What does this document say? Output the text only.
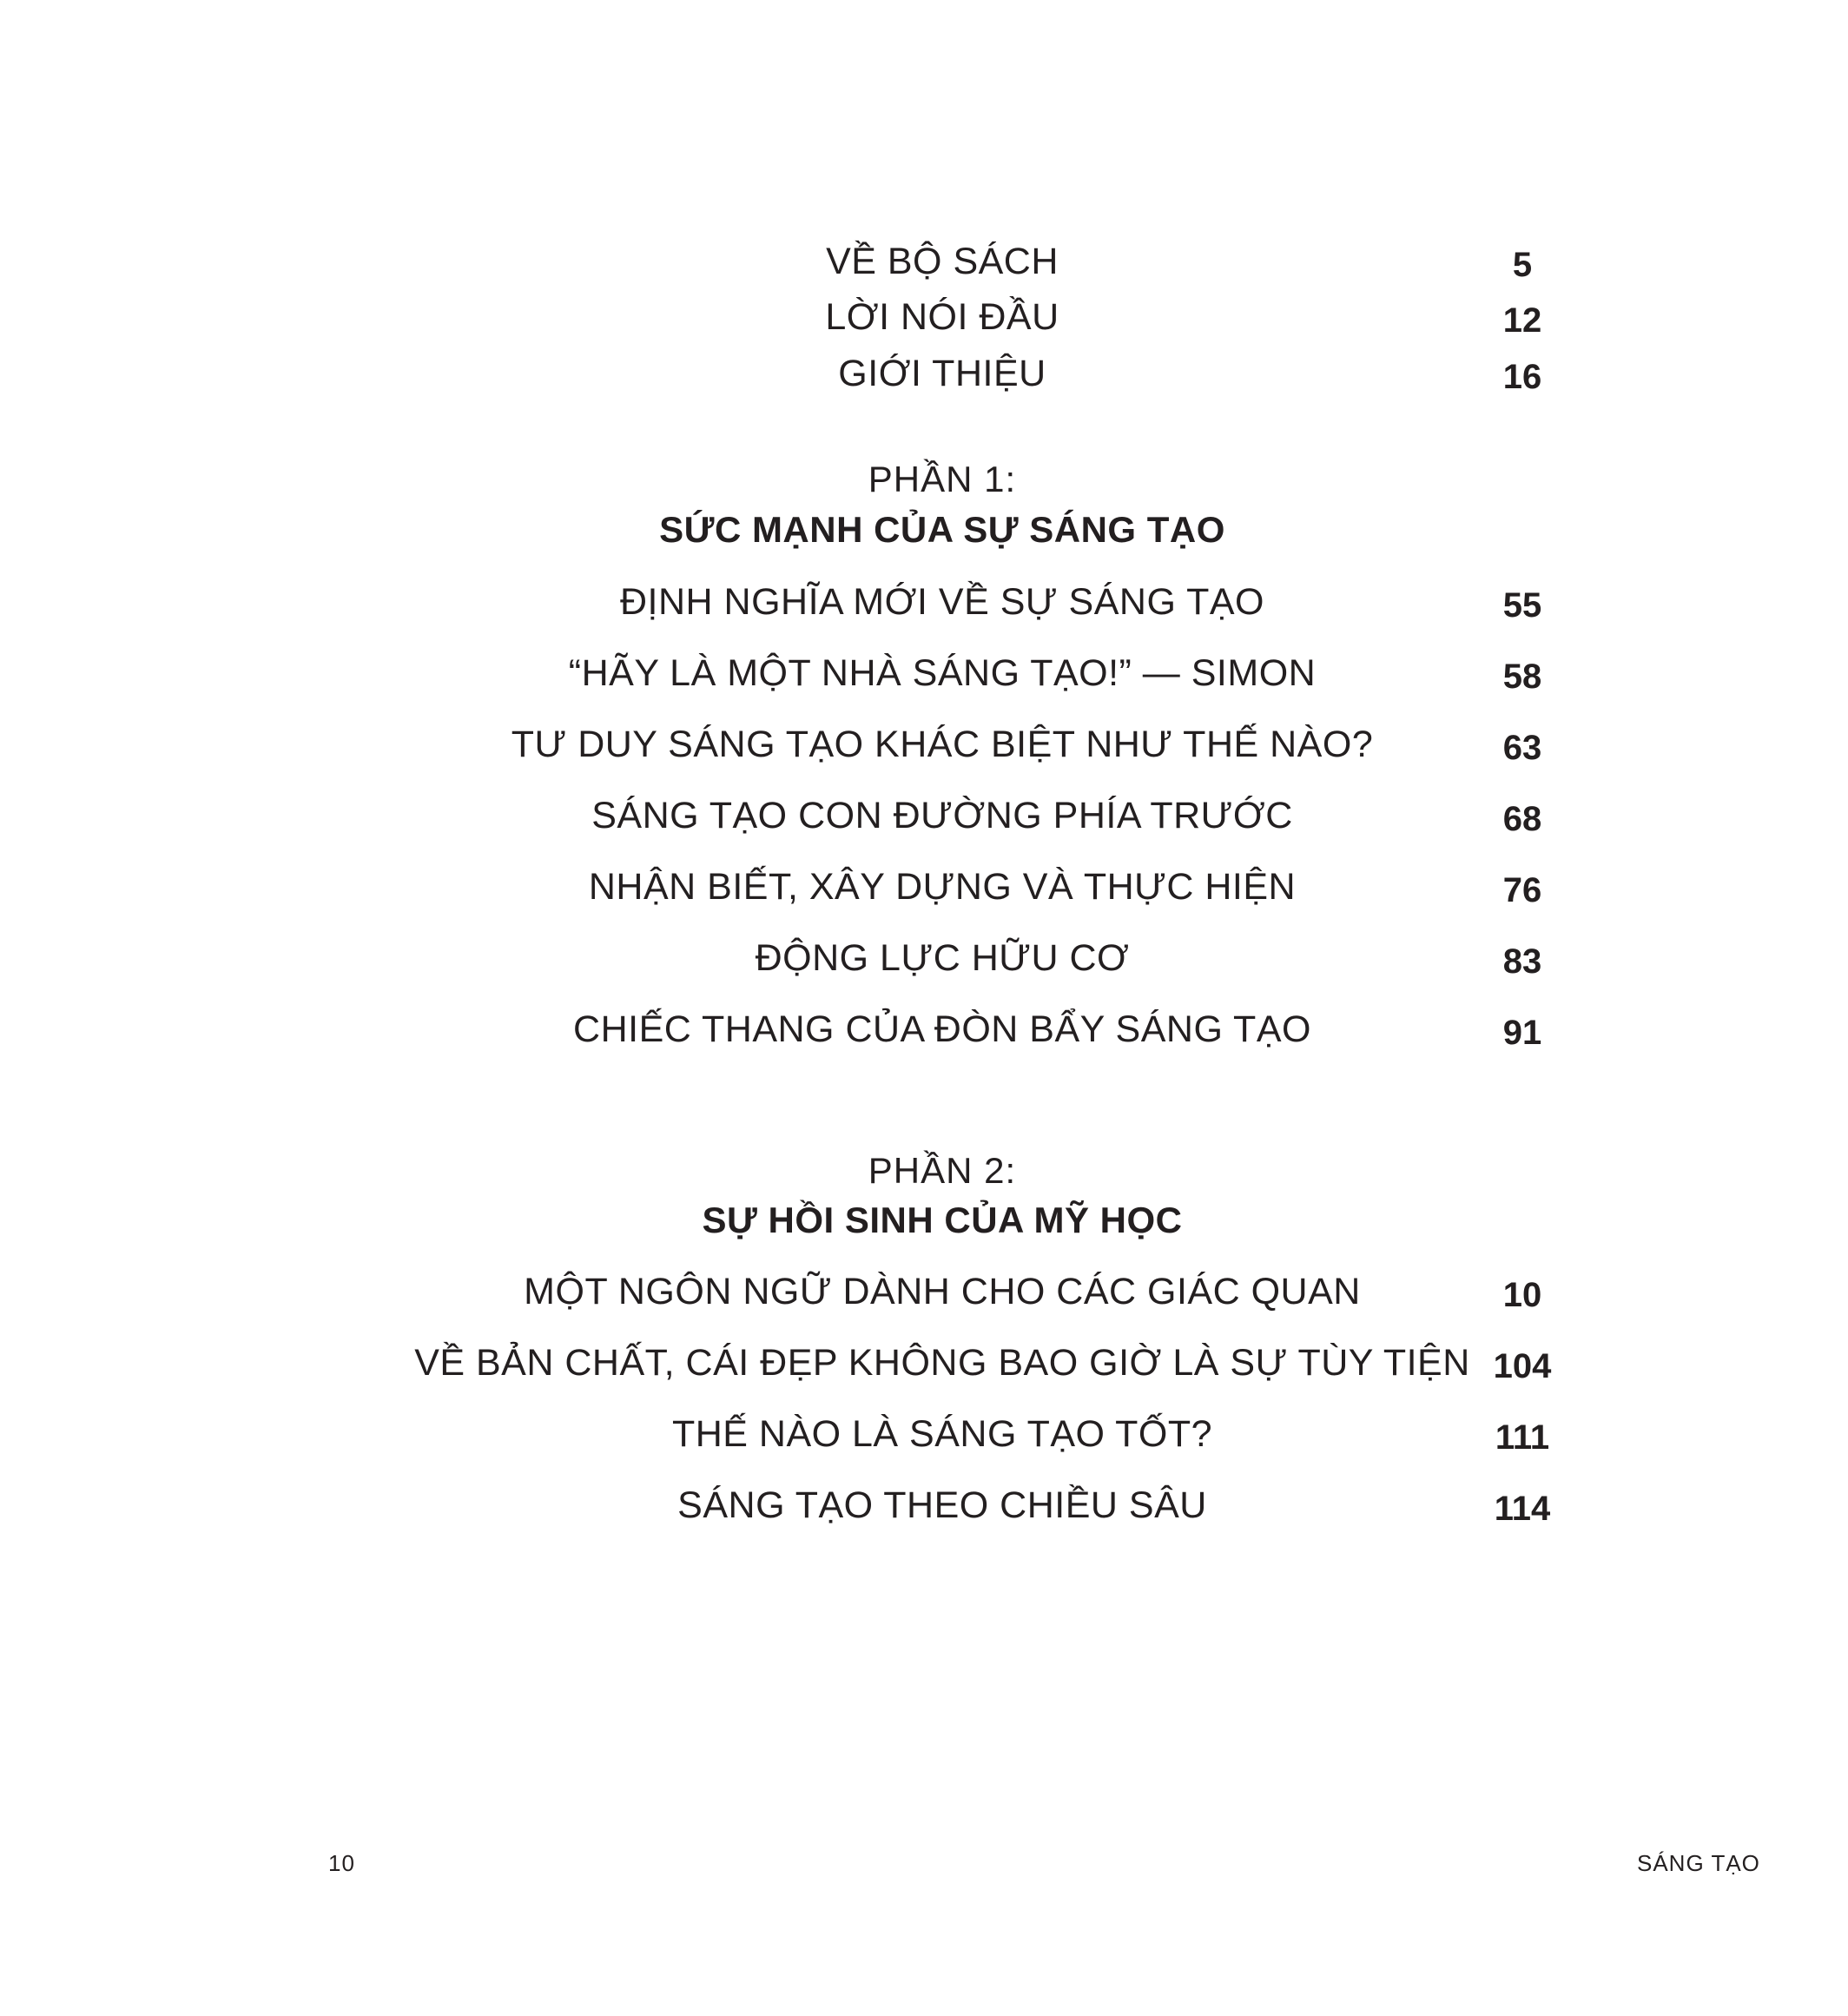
VỀ BỘ SÁCH	5
LỜI NÓI ĐẦU	12
GIỚI THIỆU	16
PHẦN 1:
SỨC MẠNH CỦA SỰ SÁNG TẠO
ĐỊNH NGHĨA MỚI VỀ SỰ SÁNG TẠO	55
“HÃY LÀ MỘT NHÀ SÁNG TẠO!” — SIMON	58
TƯ DUY SÁNG TẠO KHÁC BIỆT NHƯ THẾ NÀO?	63
SÁNG TẠO CON ĐƯỜNG PHÍA TRƯỚC	68
NHẬN BIẾT, XÂY DỰNG VÀ THỰC HIỆN	76
ĐỘNG LỰC HỮU CƠ	83
CHIẾC THANG CỦA ĐÒN BẨY SÁNG TẠO	91
PHẦN 2:
SỰ HỒI SINH CỦA MỸ HỌC
MỘT NGÔN NGỮ DÀNH CHO CÁC GIÁC QUAN	10
VỀ BẢN CHẤT, CÁI ĐẸP KHÔNG BAO GIỜ LÀ SỰ TÙY TIỆN 104
THẾ NÀO LÀ SÁNG TẠO TỐT?	111
SÁNG TẠO THEO CHIỀU SÂU	114
10	SÁNG TẠO
